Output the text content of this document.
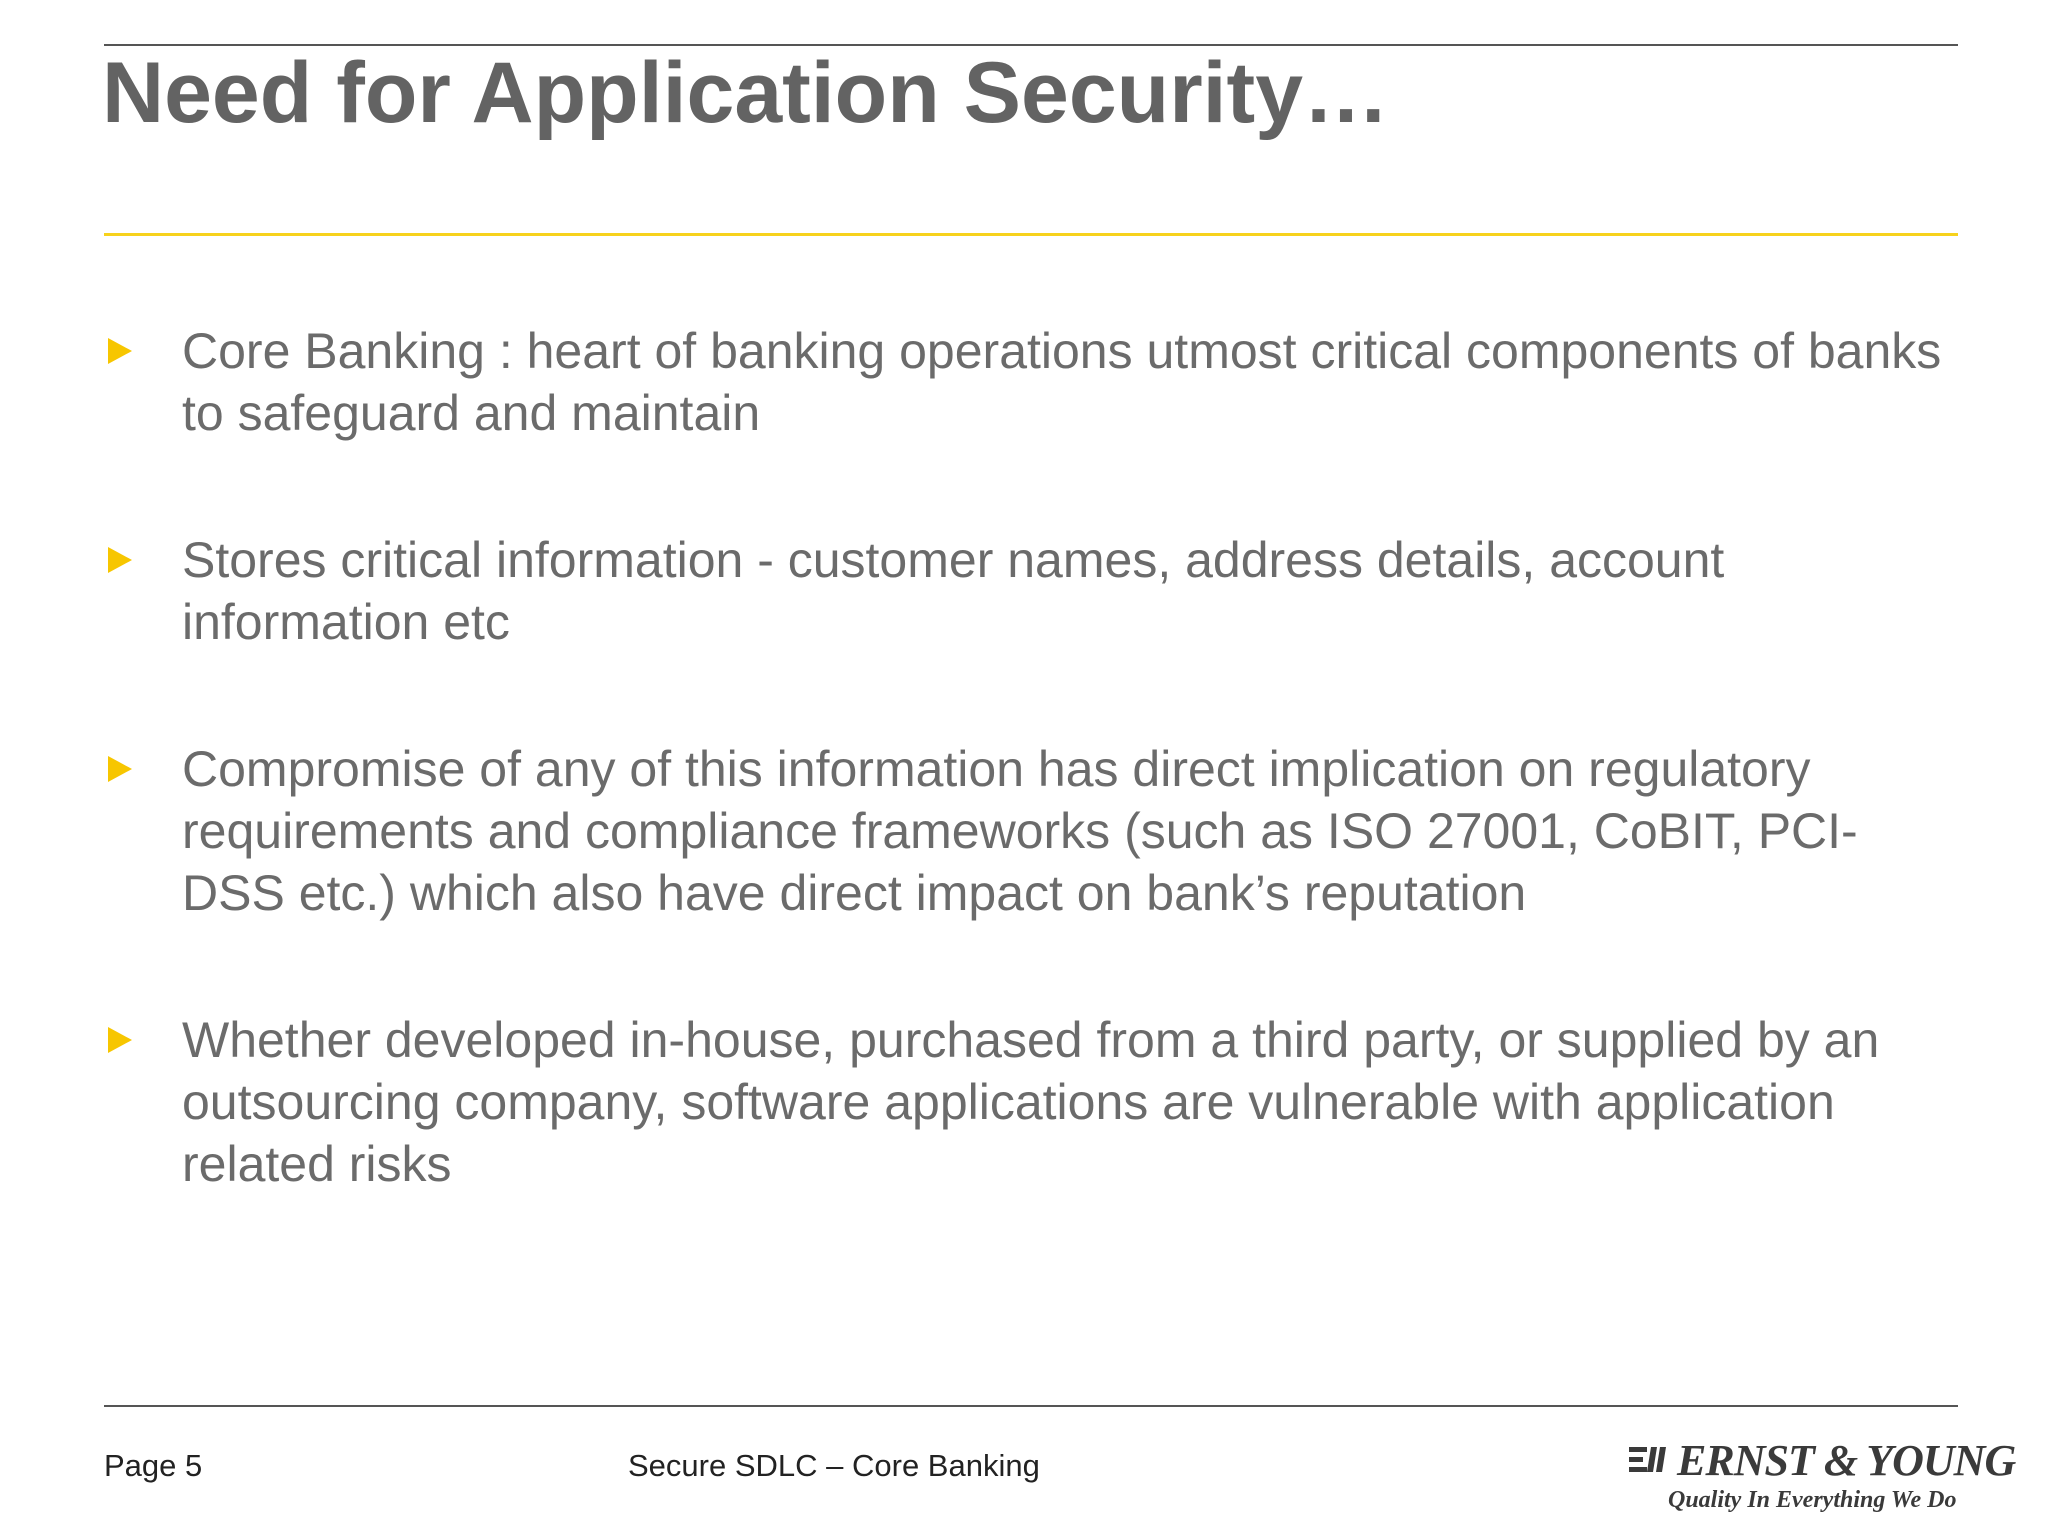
Need for Application Security…
Core Banking : heart of banking operations utmost critical components of banks to safeguard and maintain
Stores critical information - customer names, address details, account information etc
Compromise of any of this information has direct implication on regulatory requirements and compliance frameworks (such as ISO 27001, CoBIT, PCI-DSS etc.) which also have direct impact on bank’s reputation
Whether developed in-house, purchased from a third party, or supplied by an outsourcing company, software applications are vulnerable with application related risks
Page 5	Secure SDLC – Core Banking	ERNST & YOUNG
Quality In Everything We Do
